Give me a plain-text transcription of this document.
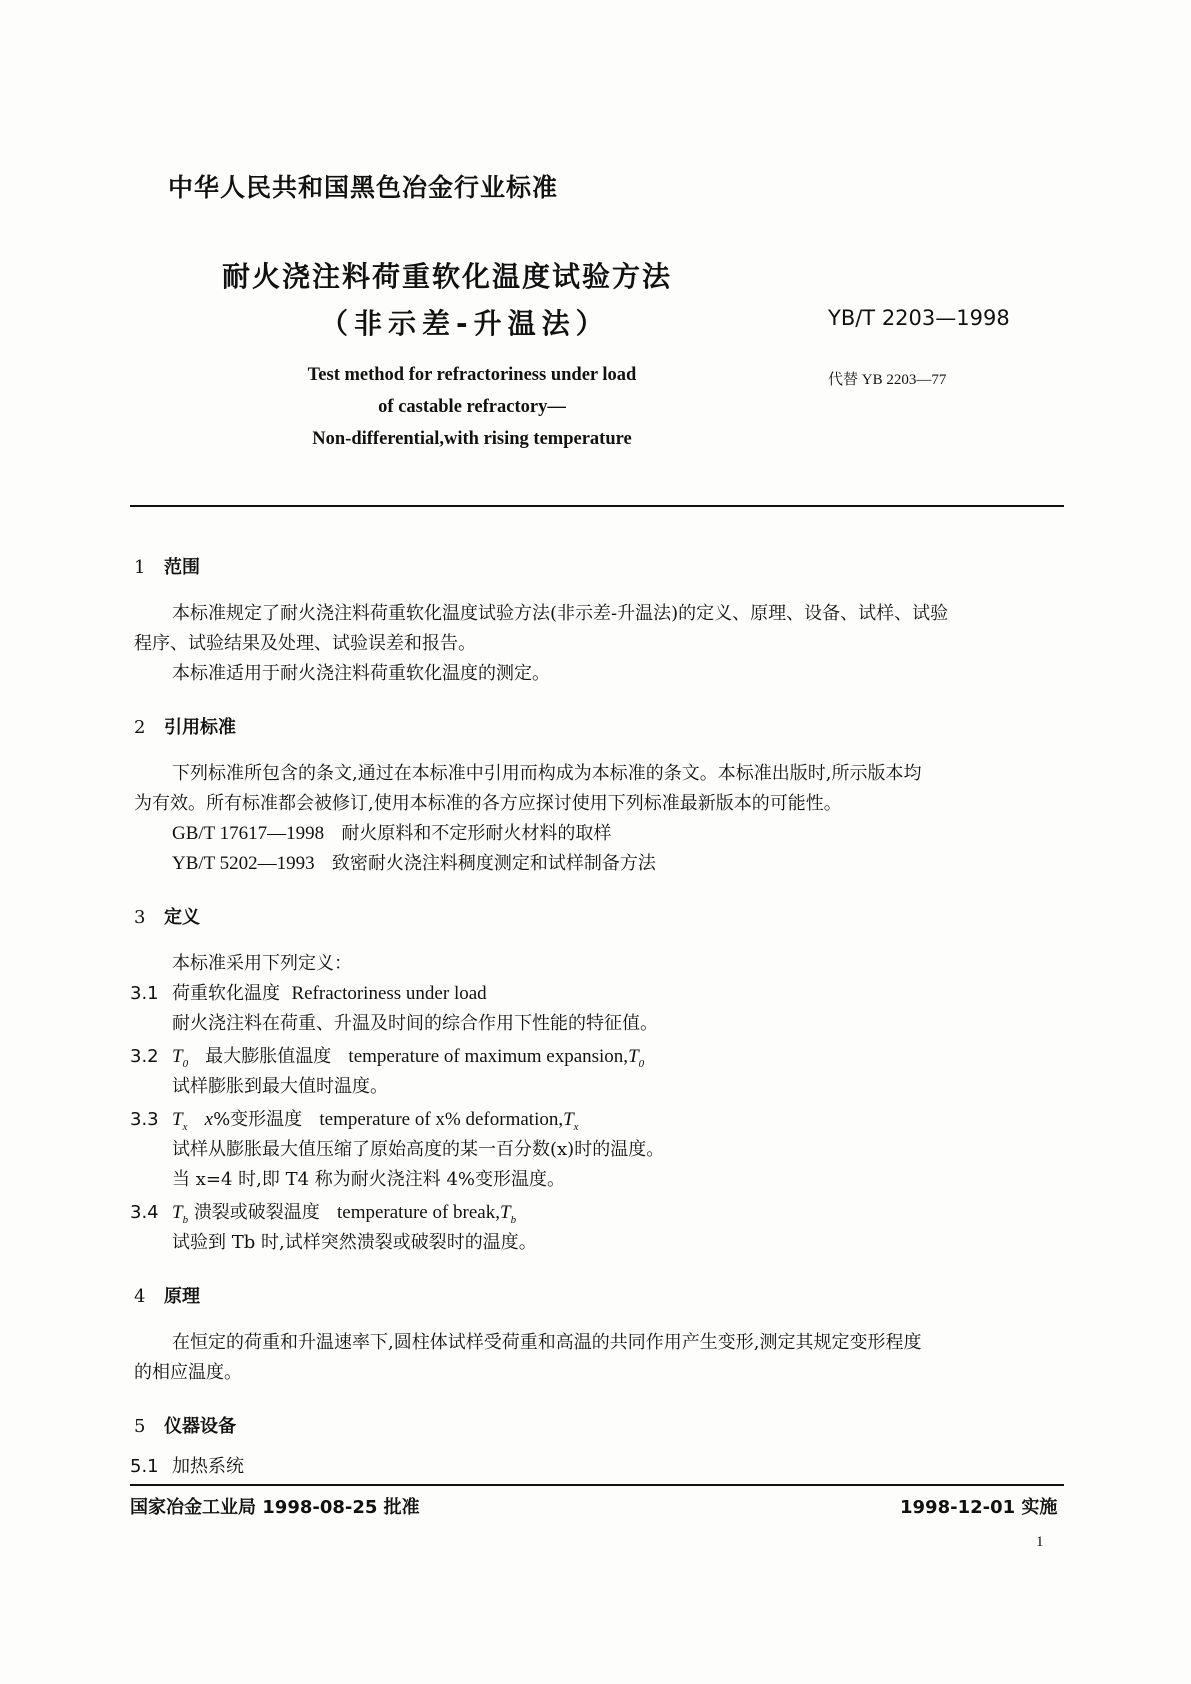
中华人民共和国黑色冶金行业标准
耐火浇注料荷重软化温度试验方法
（非示差-升温法）	YB/T 2203—1998
代替 YB 2203—77
Test method for refractoriness under load
of castable refractory—
Non-differential,with rising temperature
1 范围
本标准规定了耐火浇注料荷重软化温度试验方法(非示差-升温法)的定义、原理、设备、试样、试验
程序、试验结果及处理、试验误差和报告。
本标准适用于耐火浇注料荷重软化温度的测定。
2 引用标准
下列标准所包含的条文,通过在本标准中引用而构成为本标准的条文。本标准出版时,所示版本均
为有效。所有标准都会被修订,使用本标准的各方应探讨使用下列标准最新版本的可能性。
GB/T 17617—1998 耐火原料和不定形耐火材料的取样
YB/T 5202—1993 致密耐火浇注料稠度测定和试样制备方法
3 定义
本标准采用下列定义：
3.1 荷重软化温度 Refractoriness under load
耐火浇注料在荷重、升温及时间的综合作用下性能的特征值。
3.2 $T_0$ 最大膨胀值温度 temperature of maximum $expansion,T_0$
试样膨胀到最大值时温度。
3.3 $T_x$ x%变形温度 temperature of x% $deformation,T_x$
试样从膨胀最大值压缩了原始高度的某一百分数(x)时的温度。
当 x=4 时,即 T4 称为耐火浇注料 4%变形温度。
3.4 $T_b$ 溃裂或破裂温度 temperature of $break,T_b$
试验到 Tb 时,试样突然溃裂或破裂时的温度。
4 原理
在恒定的荷重和升温速率下,圆柱体试样受荷重和高温的共同作用产生变形,测定其规定变形程度
的相应温度。
5 仪器设备
5.1 加热系统
国家冶金工业局 1998-08-25 批准	1998-12-01 实施
1
